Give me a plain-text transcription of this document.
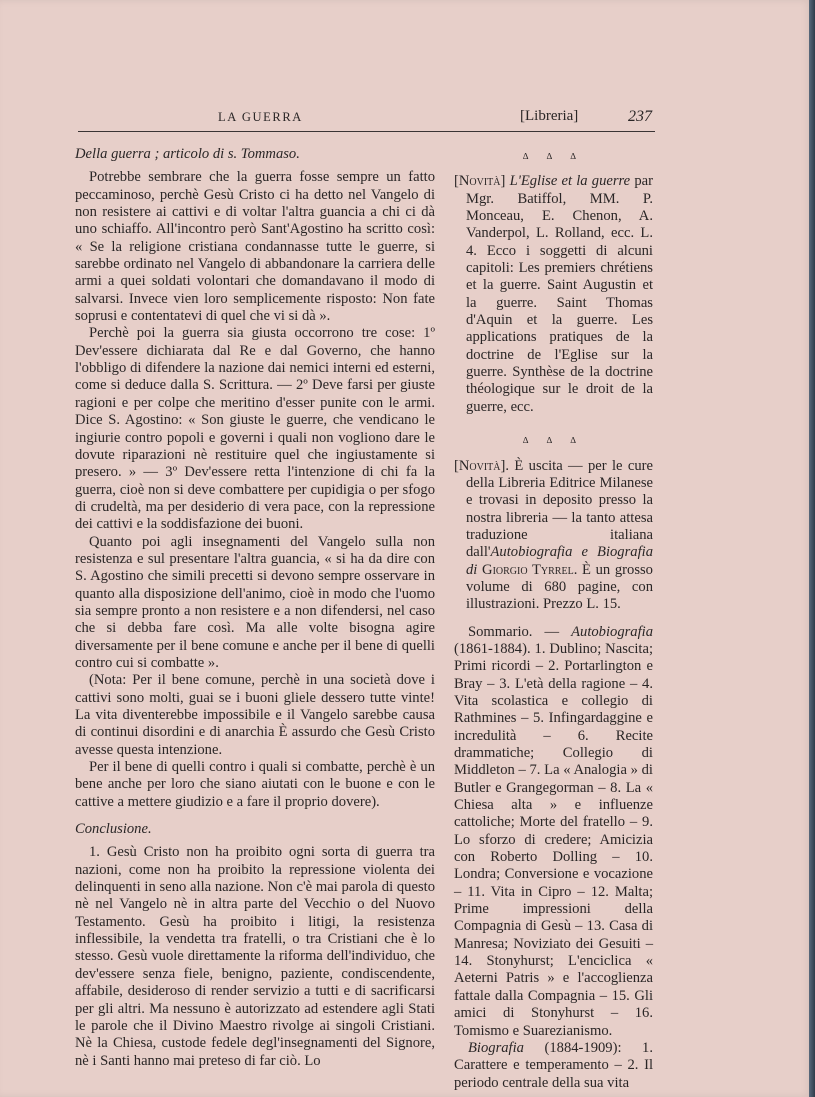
LA GUERRA	[Libreria]	237
Della guerra ; articolo di s. Tommaso.

Potrebbe sembrare che la guerra fosse sempre un fatto peccaminoso, perchè Gesù Cristo ci ha detto nel Vangelo di non resistere ai cattivi e di voltar l'altra guancia a chi ci dà uno schiaffo. All'incontro però Sant'Agostino ha scritto così: « Se la religione cristiana condannasse tutte le guerre, si sarebbe ordinato nel Vangelo di abbandonare la carriera delle armi a quei soldati volontari che domandavano il modo di salvarsi. Invece vien loro semplicemente risposto: Non fate soprusi e contentatevi di quel che vi si dà ».

Perchè poi la guerra sia giusta occorrono tre cose: 1º Dev'essere dichiarata dal Re e dal Governo, che hanno l'obbligo di difendere la nazione dai nemici interni ed esterni, come si deduce dalla S. Scrittura. — 2º Deve farsi per giuste ragioni e per colpe che meritino d'esser punite con le armi. Dice S. Agostino: « Son giuste le guerre, che vendicano le ingiurie contro popoli e governi i quali non vogliono dare le dovute riparazioni nè restituire quel che ingiustamente si presero. » — 3º Dev'essere retta l'intenzione di chi fa la guerra, cioè non si deve combattere per cupidigia o per sfogo di crudeltà, ma per desiderio di vera pace, con la repressione dei cattivi e la soddisfazione dei buoni.

Quanto poi agli insegnamenti del Vangelo sulla non resistenza e sul presentare l'altra guancia, « si ha da dire con S. Agostino che simili precetti si devono sempre osservare in quanto alla disposizione dell'animo, cioè in modo che l'uomo sia sempre pronto a non resistere e a non difendersi, nel caso che si debba fare così. Ma alle volte bisogna agire diversamente per il bene comune e anche per il bene di quelli contro cui si combatte ».

(Nota: Per il bene comune, perchè in una società dove i cattivi sono molti, guai se i buoni gliele dessero tutte vinte! La vita diventerebbe impossibile e il Vangelo sarebbe causa di continui disordini e di anarchia È assurdo che Gesù Cristo avesse questa intenzione.

Per il bene di quelli contro i quali si combatte, perchè è un bene anche per loro che siano aiutati con le buone e con le cattive a mettere giudizio e a fare il proprio dovere).

Conclusione.

1. Gesù Cristo non ha proibito ogni sorta di guerra tra nazioni, come non ha proibito la repressione violenta dei delinquenti in seno alla nazione. Non c'è mai parola di questo nè nel Vangelo nè in altra parte del Vecchio o del Nuovo Testamento. Gesù ha proibito i litigi, la resistenza inflessibile, la vendetta tra fratelli, o tra Cristiani che è lo stesso. Gesù vuole direttamente la riforma dell'individuo, che dev'essere senza fiele, benigno, paziente, condiscendente, affabile, desideroso di render servizio a tutti e di sacrificarsi per gli altri. Ma nessuno è autorizzato ad estendere agli Stati le parole che il Divino Maestro rivolge ai singoli Cristiani. Nè la Chiesa, custode fedele degl'insegnamenti del Signore, nè i Santi hanno mai preteso di far ciò. Lo

∆ ∆ ∆

[Novità] L'Eglise et la guerre par Mgr. Batiffol, MM. P. Monceau, E. Chenon, A. Vanderpol, L. Rolland, ecc. L. 4. Ecco i soggetti di alcuni capitoli: Les premiers chrétiens et la guerre. Saint Augustin et la guerre. Saint Thomas d'Aquin et la guerre. Les applications pratiques de la doctrine de l'Eglise sur la guerre. Synthèse de la doctrine théologique sur le droit de la guerre, ecc.

∆ ∆ ∆

[Novità]. È uscita — per le cure della Libreria Editrice Milanese e trovasi in deposito presso la nostra libreria — la tanto attesa traduzione italiana dall'Autobiografia e Biografia di Giorgio Tyrrel. È un grosso volume di 680 pagine, con illustrazioni. Prezzo L. 15.

Sommario. — Autobiografia (1861-1884). 1. Dublino; Nascita; Primi ricordi – 2. Portarlington e Bray – 3. L'età della ragione – 4. Vita scolastica e collegio di Rathmines – 5. Infingardaggine e incredulità – 6. Recite drammatiche; Collegio di Middleton – 7. La « Analogia » di Butler e Grangegorman – 8. La « Chiesa alta » e influenze cattoliche; Morte del fratello – 9. Lo sforzo di credere; Amicizia con Roberto Dolling – 10. Londra; Conversione e vocazione – 11. Vita in Cipro – 12. Malta; Prime impressioni della Compagnia di Gesù – 13. Casa di Manresa; Noviziato dei Gesuiti – 14. Stonyhurst; L'enciclica « Aeterni Patris » e l'accoglienza fattale dalla Compagnia – 15. Gli amici di Stonyhurst – 16. Tomismo e Suarezianismo.

Biografia (1884-1909): 1. Carattere e temperamento – 2. Il periodo centrale della sua vita
